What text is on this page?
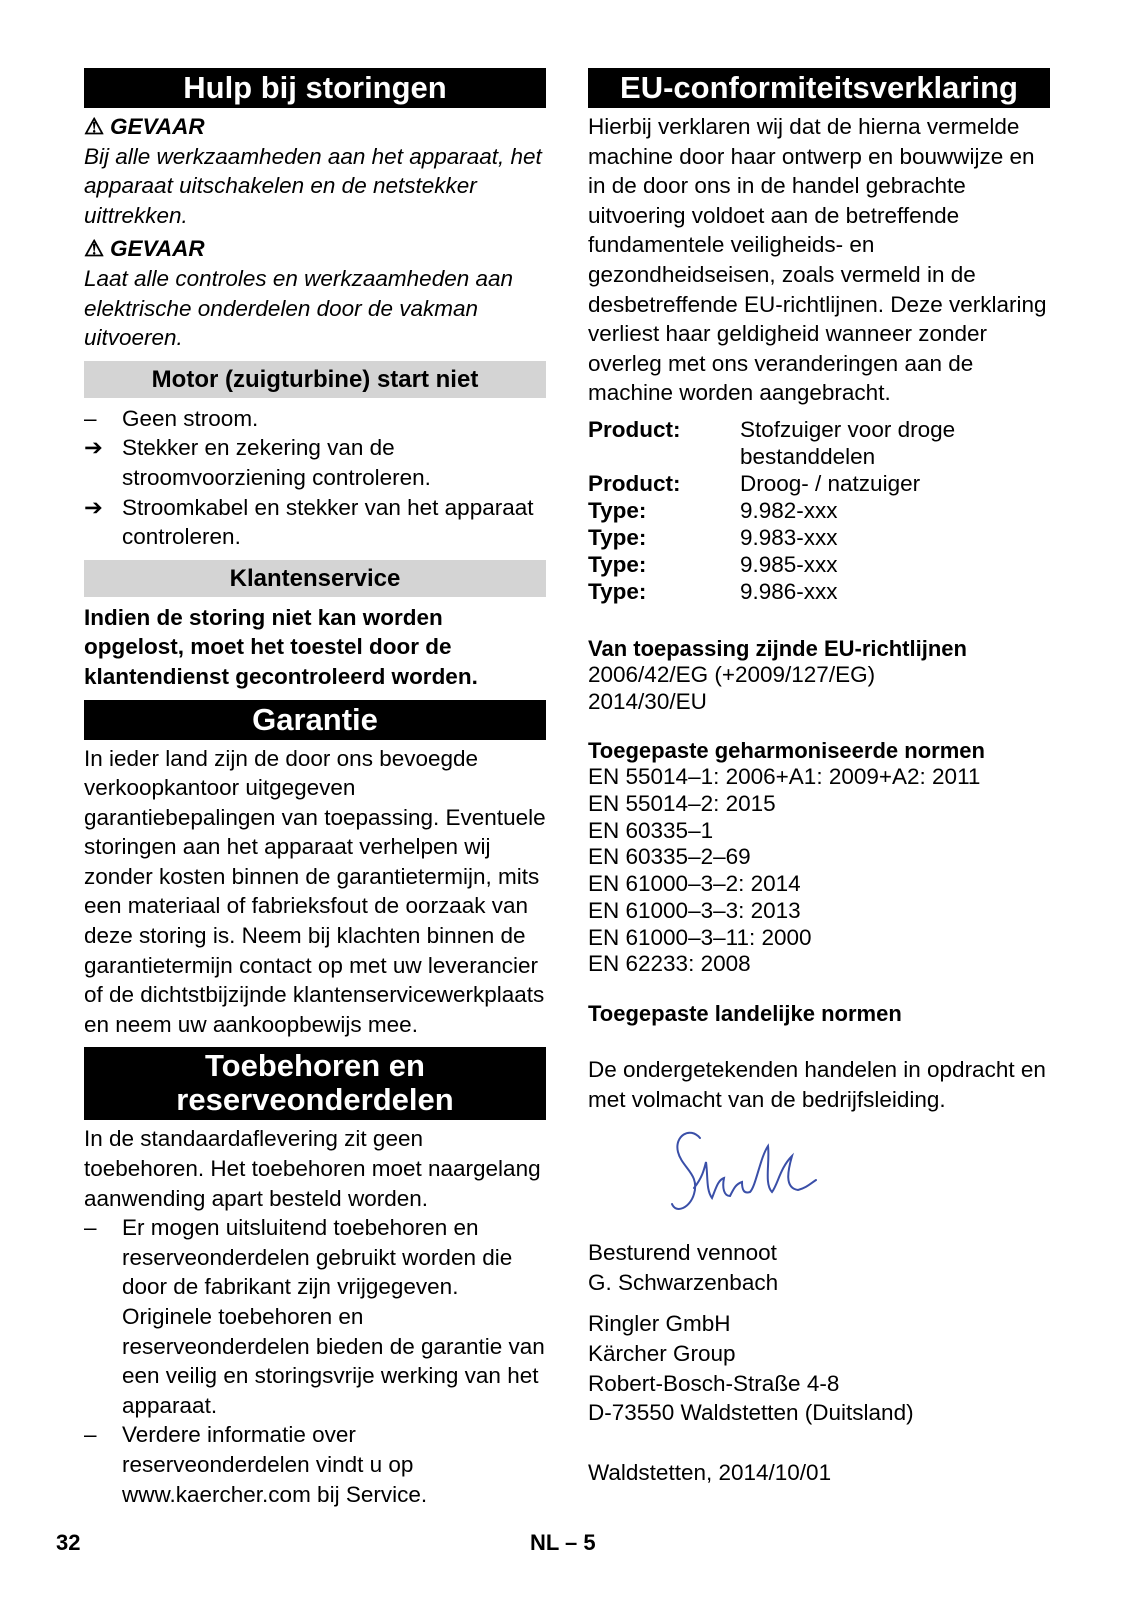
Hulp bij storingen
⚠ GEVAAR

Bij alle werkzaamheden aan het apparaat, het apparaat uitschakelen en de netstekker uittrekken.

⚠ GEVAAR

Laat alle controles en werkzaamheden aan elektrische onderdelen door de vakman uitvoeren.

Motor (zuigturbine) start niet
–	Geen stroom.
➔ Stekker en zekering van de stroomvoorziening controleren.
➔ Stroomkabel en stekker van het apparaat controleren.
Klantenservice

Indien de storing niet kan worden opgelost, moet het toestel door de klantendienst gecontroleerd worden.

Garantie

In ieder land zijn de door ons bevoegde verkoopkantoor uitgegeven garantiebepalingen van toepassing. Eventuele storingen aan het apparaat verhelpen wij zonder kosten binnen de garantietermijn, mits een materiaal of fabrieksfout de oorzaak van deze storing is. Neem bij klachten binnen de garantietermijn contact op met uw leverancier of de dichtstbijzijnde klantenservicewerkplaats en neem uw aankoopbewijs mee.

Toebehoren en
reserveonderdelen

In de standaardaflevering zit geen toebehoren. Het toebehoren moet naargelang aanwending apart besteld worden.

–	Er mogen uitsluitend toebehoren en reserveonderdelen gebruikt worden die door de fabrikant zijn vrijgegeven. Originele toebehoren en reserveonderdelen bieden de garantie van een veilig en storingsvrije werking van het apparaat.
–	Verdere informatie over reserveonderdelen vindt u op www.kaercher.com bij Service.
EU-conformiteitsverklaring

Hierbij verklaren wij dat de hierna vermelde machine door haar ontwerp en bouwwijze en in de door ons in de handel gebrachte uitvoering voldoet aan de betreffende fundamentele veiligheids- en gezondheidseisen, zoals vermeld in de desbetreffende EU-richtlijnen. Deze verklaring verliest haar geldigheid wanneer zonder overleg met ons veranderingen aan de machine worden aangebracht.

Product:	Stofzuiger voor droge bestanddelen
Product:	Droog- / natzuiger
Type:	9.982-xxx
Type:	9.983-xxx
Type:	9.985-xxx
Type:	9.986-xxx
Van toepassing zijnde EU-richtlijnen
2006/42/EG (+2009/127/EG)
2014/30/EU
Toegepaste geharmoniseerde normen
EN 55014–1: 2006+A1: 2009+A2: 2011
EN 55014–2: 2015
EN 60335–1
EN 60335–2–69
EN 61000–3–2: 2014
EN 61000–3–3: 2013
EN 61000–3–11: 2000
EN 62233: 2008
Toegepaste landelijke normen

De ondergetekenden handelen in opdracht en met volmacht van de bedrijfsleiding.

Besturend vennoot
G. Schwarzenbach
Ringler GmbH
Kärcher Group
Robert-Bosch-Straße 4-8
D-73550 Waldstetten (Duitsland)

Waldstetten, 2014/10/01

32	NL – 5
